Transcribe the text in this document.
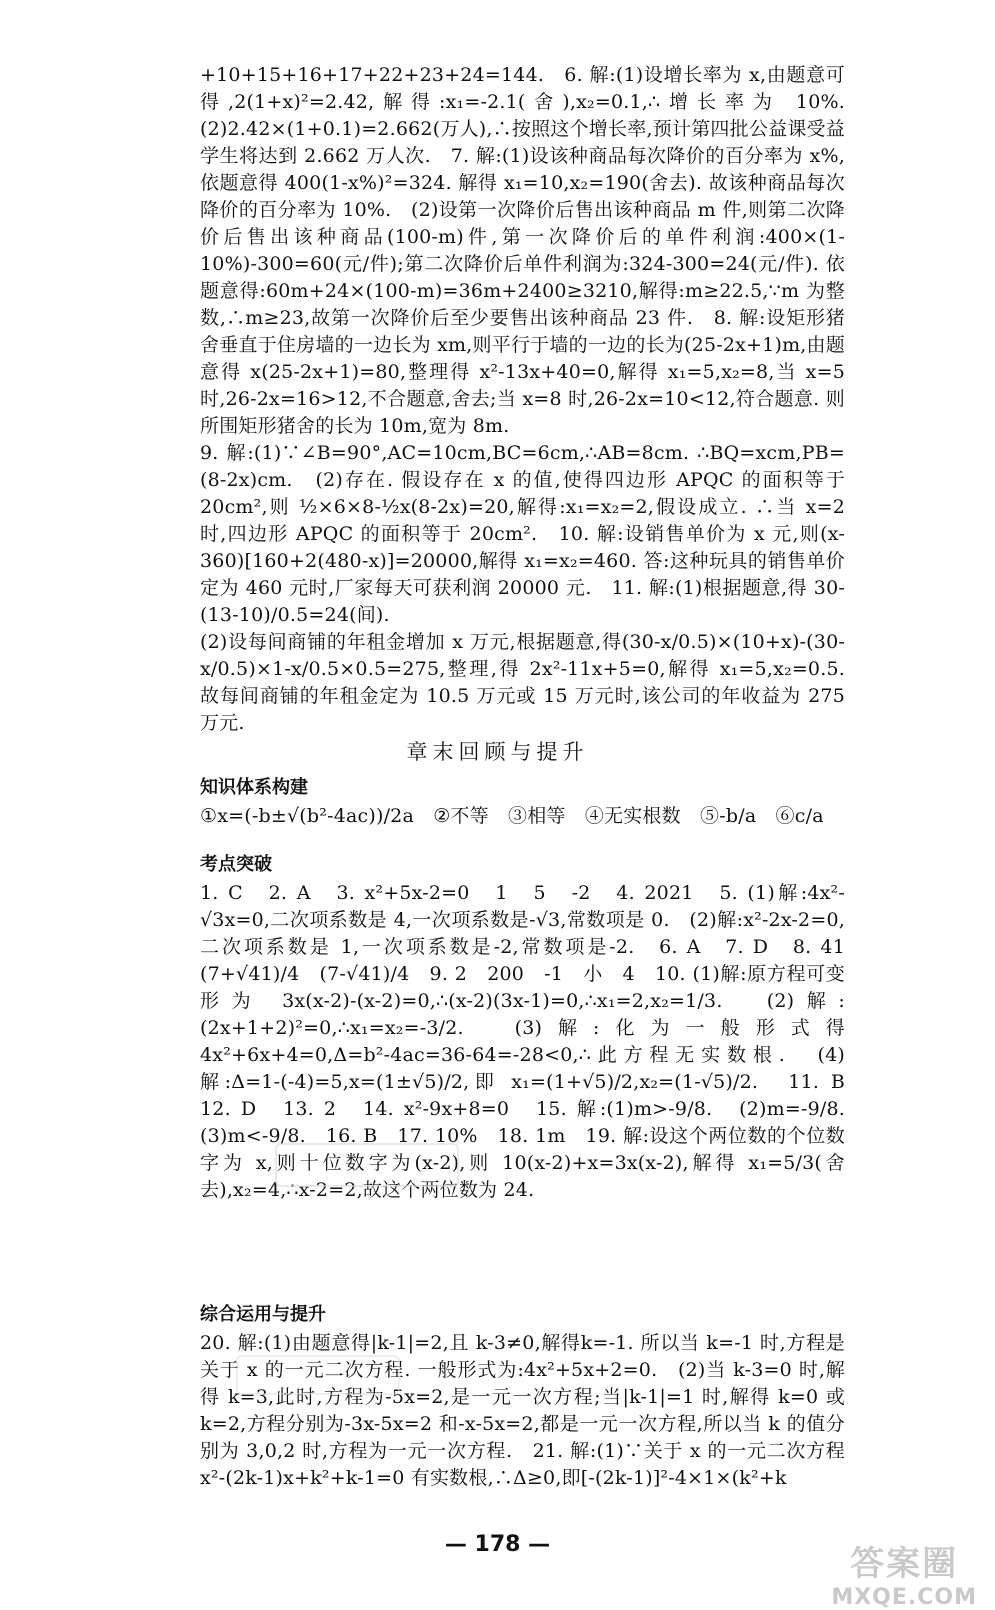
+10+15+16+17+22+23+24=144.　6. 解:(1)设增长率为 x,由题意可得,2(1+x)²=2.42,解得:x₁=-2.1(舍),x₂=0.1,∴增长率为 10%.　(2)2.42×(1+0.1)=2.662(万人),∴按照这个增长率,预计第四批公益课受益学生将达到 2.662 万人次.　7. 解:(1)设该种商品每次降价的百分率为 x%,依题意得 400(1-x%)²=324. 解得 x₁=10,x₂=190(舍去). 故该种商品每次降价的百分率为 10%.　(2)设第一次降价后售出该种商品 m 件,则第二次降价后售出该种商品(100-m)件,第一次降价后的单件利润:400×(1-10%)-300=60(元/件);第二次降价后单件利润为:324-300=24(元/件). 依题意得:60m+24×(100-m)=36m+2400≥3210,解得:m≥22.5,∵m 为整数,∴m≥23,故第一次降价后至少要售出该种商品 23 件.　8. 解:设矩形猪舍垂直于住房墙的一边长为 xm,则平行于墙的一边的长为(25-2x+1)m,由题意得 x(25-2x+1)=80,整理得 x²-13x+40=0,解得 x₁=5,x₂=8,当 x=5 时,26-2x=16>12,不合题意,舍去;当 x=8 时,26-2x=10<12,符合题意. 则所围矩形猪舍的长为 10m,宽为 8m.

9. 解:(1)∵∠B=90°,AC=10cm,BC=6cm,∴AB=8cm. ∴BQ=xcm,PB=(8-2x)cm.　(2)存在. 假设存在 x 的值,使得四边形 APQC 的面积等于 20cm²,则 ½×6×8-½x(8-2x)=20,解得:x₁=x₂=2,假设成立. ∴当 x=2 时,四边形 APQC 的面积等于 20cm².　10. 解:设销售单价为 x 元,则(x-360)[160+2(480-x)]=20000,解得 x₁=x₂=460. 答:这种玩具的销售单价定为 460 元时,厂家每天可获利润 20000 元.　11. 解:(1)根据题意,得 30-(13-10)/0.5=24(间).

(2)设每间商铺的年租金增加 x 万元,根据题意,得(30-x/0.5)×(10+x)-(30-x/0.5)×1-x/0.5×0.5=275,整理,得 2x²-11x+5=0,解得 x₁=5,x₂=0.5. 故每间商铺的年租金定为 10.5 万元或 15 万元时,该公司的年收益为 275 万元.

章末回顾与提升

知识体系构建

①x=(-b±√(b²-4ac))/2a　②不等　③相等　④无实根数　⑤-b/a　⑥c/a

考点突破

1. C　2. A　3. x²+5x-2=0　1　5　-2　4. 2021　5. (1)解:4x²-√3x=0,二次项系数是 4,一次项系数是-√3,常数项是 0.　(2)解:x²-2x-2=0,二次项系数是 1,一次项系数是-2,常数项是-2.　6. A　7. D　8. 41　(7+√41)/4　(7-√41)/4　9. 2　200　-1　小　4　10. (1)解:原方程可变形为 3x(x-2)-(x-2)=0,∴(x-2)(3x-1)=0,∴x₁=2,x₂=1/3.　(2)解:(2x+1+2)²=0,∴x₁=x₂=-3/2.　(3)解:化为一般形式得 4x²+6x+4=0,Δ=b²-4ac=36-64=-28<0,∴此方程无实数根.　(4)解:Δ=1-(-4)=5,x=(1±√5)/2,即 x₁=(1+√5)/2,x₂=(1-√5)/2.　11. B　12. D　13. 2　14. x²-9x+8=0　15. 解:(1)m>-9/8.　(2)m=-9/8.　(3)m<-9/8.　16. B　17. 10%　18. 1m　19. 解:设这个两位数的个位数字为 x,则十位数字为(x-2),则 10(x-2)+x=3x(x-2),解得 x₁=5/3(舍去),x₂=4,∴x-2=2,故这个两位数为 24.

综合运用与提升

20. 解:(1)由题意得|k-1|=2,且 k-3≠0,解得k=-1. 所以当 k=-1 时,方程是关于 x 的一元二次方程. 一般形式为:4x²+5x+2=0.　(2)当 k-3=0 时,解得 k=3,此时,方程为-5x=2,是一元一次方程;当|k-1|=1 时,解得 k=0 或 k=2,方程分别为-3x-5x=2 和-x-5x=2,都是一元一次方程,所以当 k 的值分别为 3,0,2 时,方程为一元一次方程.　21. 解:(1)∵关于 x 的一元二次方程 x²-(2k-1)x+k²+k-1=0 有实数根,∴Δ≥0,即[-(2k-1)]²-4×1×(k²+k

— 178 —	答案圈
MXQE.COM
